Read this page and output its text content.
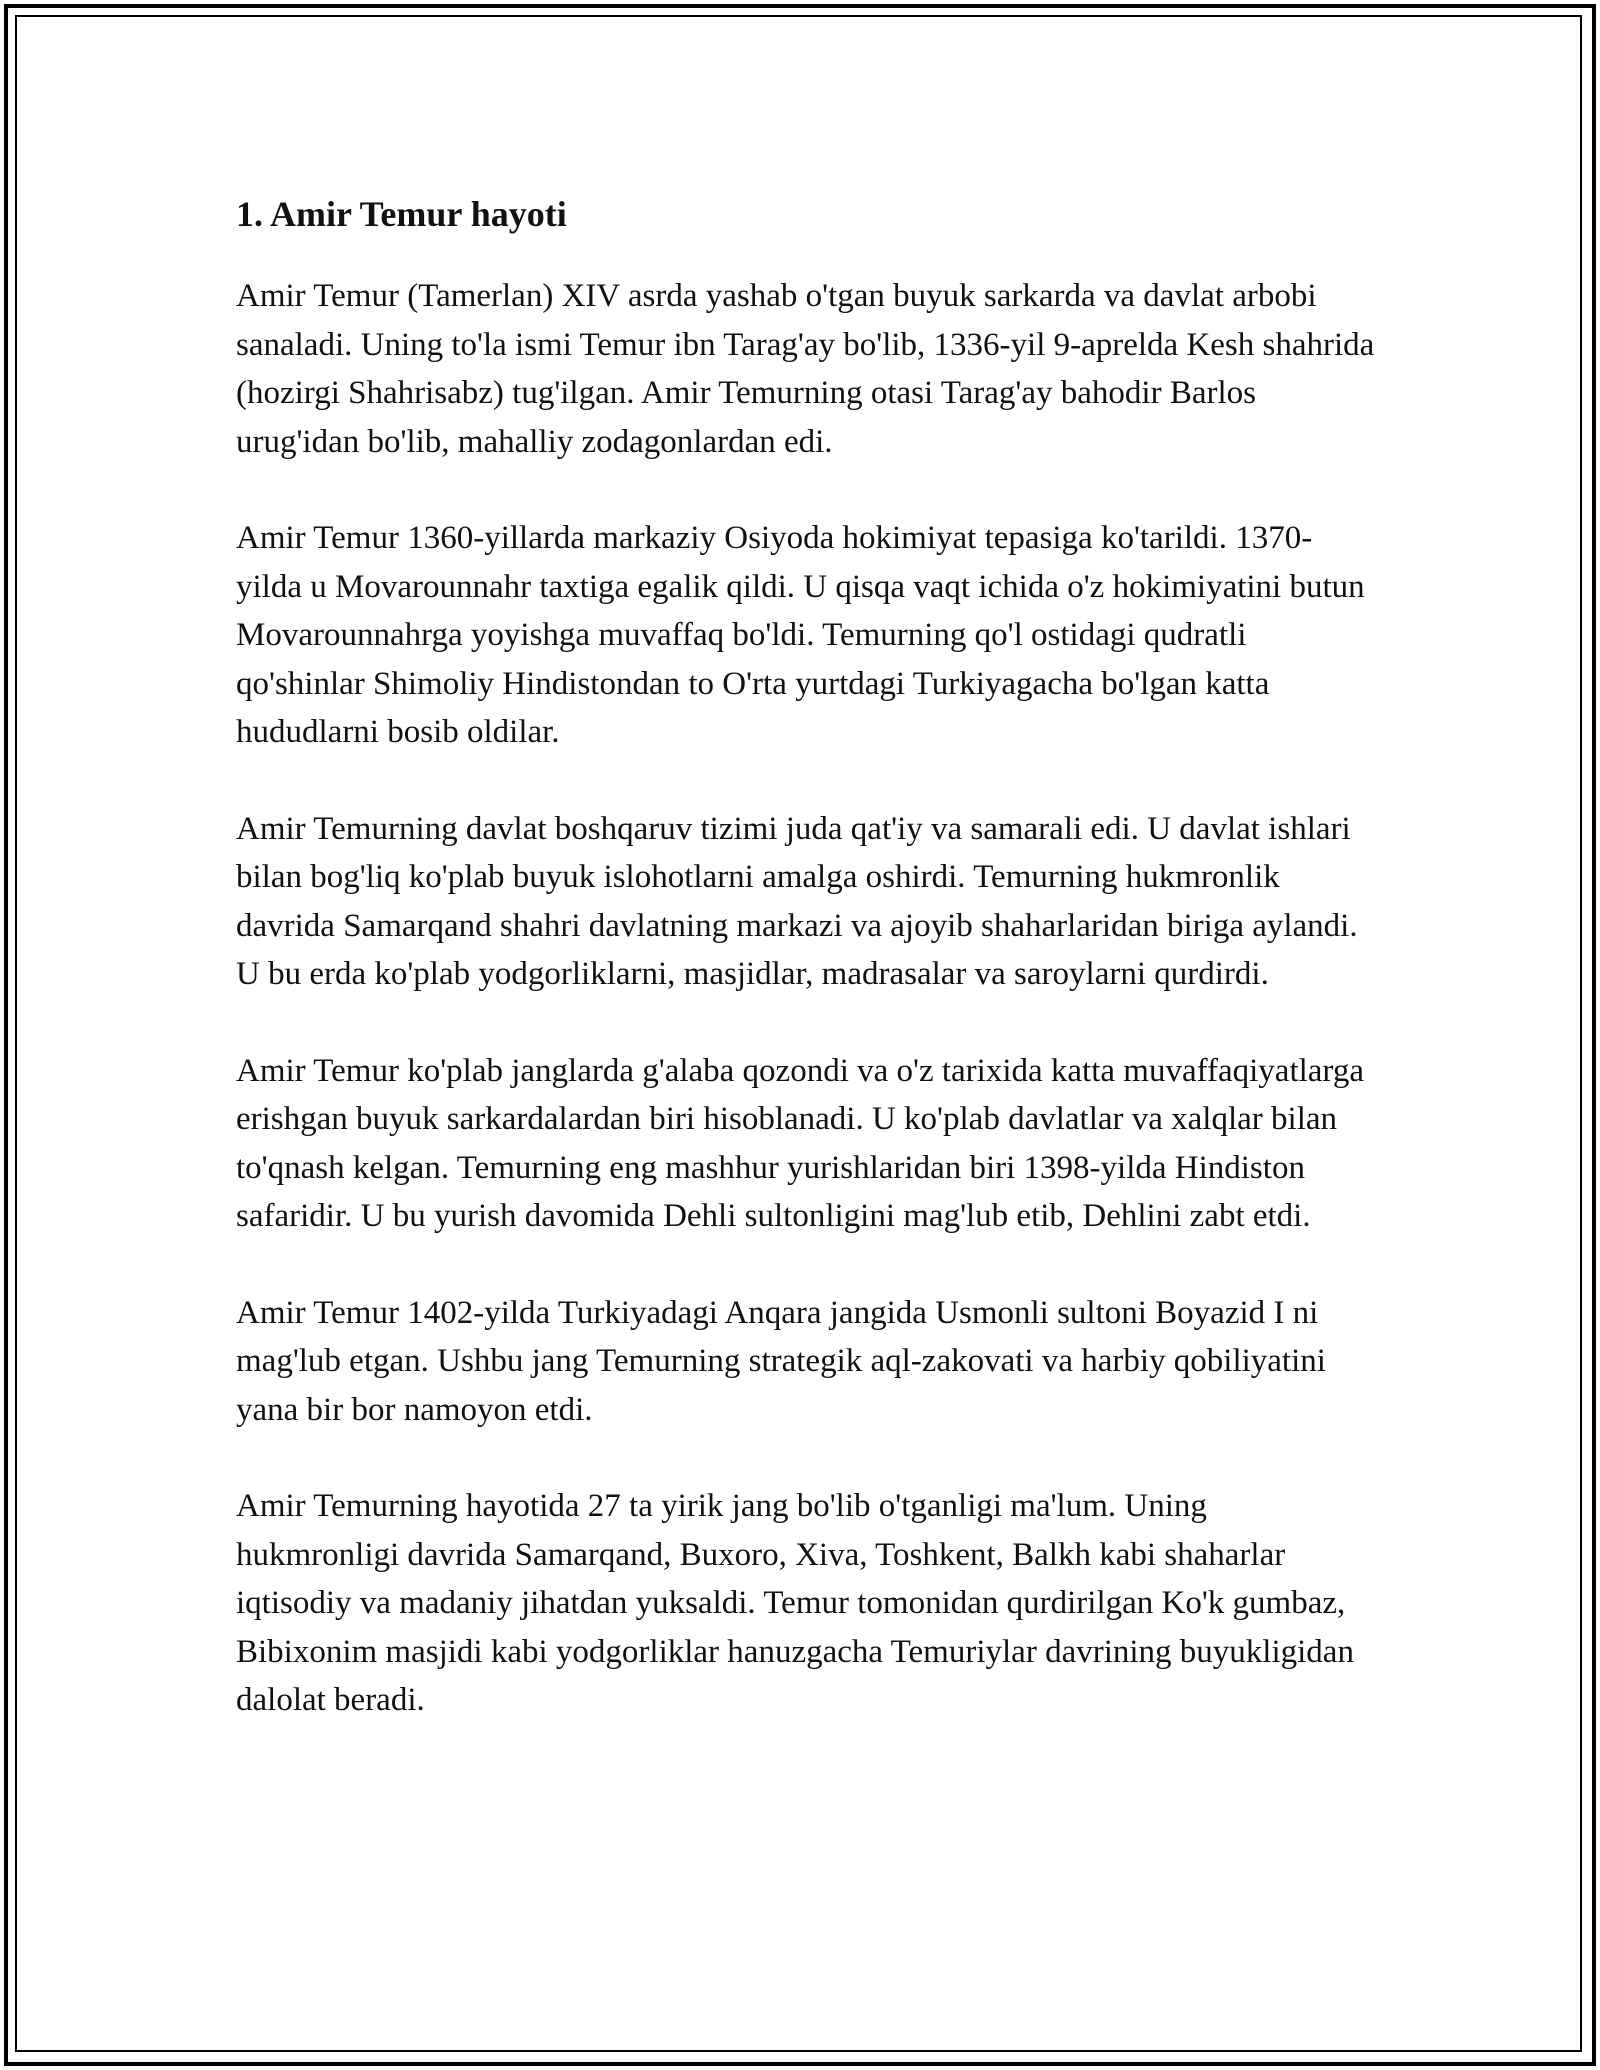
1. Amir Temur hayoti

Amir Temur (Tamerlan) XIV asrda yashab o'tgan buyuk sarkarda va davlat arbobi sanaladi. Uning to'la ismi Temur ibn Tarag'ay bo'lib, 1336-yil 9-aprelda Kesh shahrida (hozirgi Shahrisabz) tug'ilgan. Amir Temurning otasi Tarag'ay bahodir Barlos urug'idan bo'lib, mahalliy zodagonlardan edi.

Amir Temur 1360-yillarda markaziy Osiyoda hokimiyat tepasiga ko'tarildi. 1370-yilda u Movarounnahr taxtiga egalik qildi. U qisqa vaqt ichida o'z hokimiyatini butun Movarounnahrga yoyishga muvaffaq bo'ldi. Temurning qo'l ostidagi qudratli qo'shinlar Shimoliy Hindistondan to O'rta yurtdagi Turkiyagacha bo'lgan katta hududlarni bosib oldilar.

Amir Temurning davlat boshqaruv tizimi juda qat'iy va samarali edi. U davlat ishlari bilan bog'liq ko'plab buyuk islohotlarni amalga oshirdi. Temurning hukmronlik davrida Samarqand shahri davlatning markazi va ajoyib shaharlaridan biriga aylandi. U bu erda ko'plab yodgorliklarni, masjidlar, madrasalar va saroylarni qurdirdi.

Amir Temur ko'plab janglarda g'alaba qozondi va o'z tarixida katta muvaffaqiyatlarga erishgan buyuk sarkardalardan biri hisoblanadi. U ko'plab davlatlar va xalqlar bilan to'qnash kelgan. Temurning eng mashhur yurishlaridan biri 1398-yilda Hindiston safaridir. U bu yurish davomida Dehli sultonligini mag'lub etib, Dehlini zabt etdi.

Amir Temur 1402-yilda Turkiyadagi Anqara jangida Usmonli sultoni Boyazid I ni mag'lub etgan. Ushbu jang Temurning strategik aql-zakovati va harbiy qobiliyatini yana bir bor namoyon etdi.

Amir Temurning hayotida 27 ta yirik jang bo'lib o'tganligi ma'lum. Uning hukmronligi davrida Samarqand, Buxoro, Xiva, Toshkent, Balkh kabi shaharlar iqtisodiy va madaniy jihatdan yuksaldi. Temur tomonidan qurdirilgan Ko'k gumbaz, Bibixonim masjidi kabi yodgorliklar hanuzgacha Temuriylar davrining buyukligidan dalolat beradi.
